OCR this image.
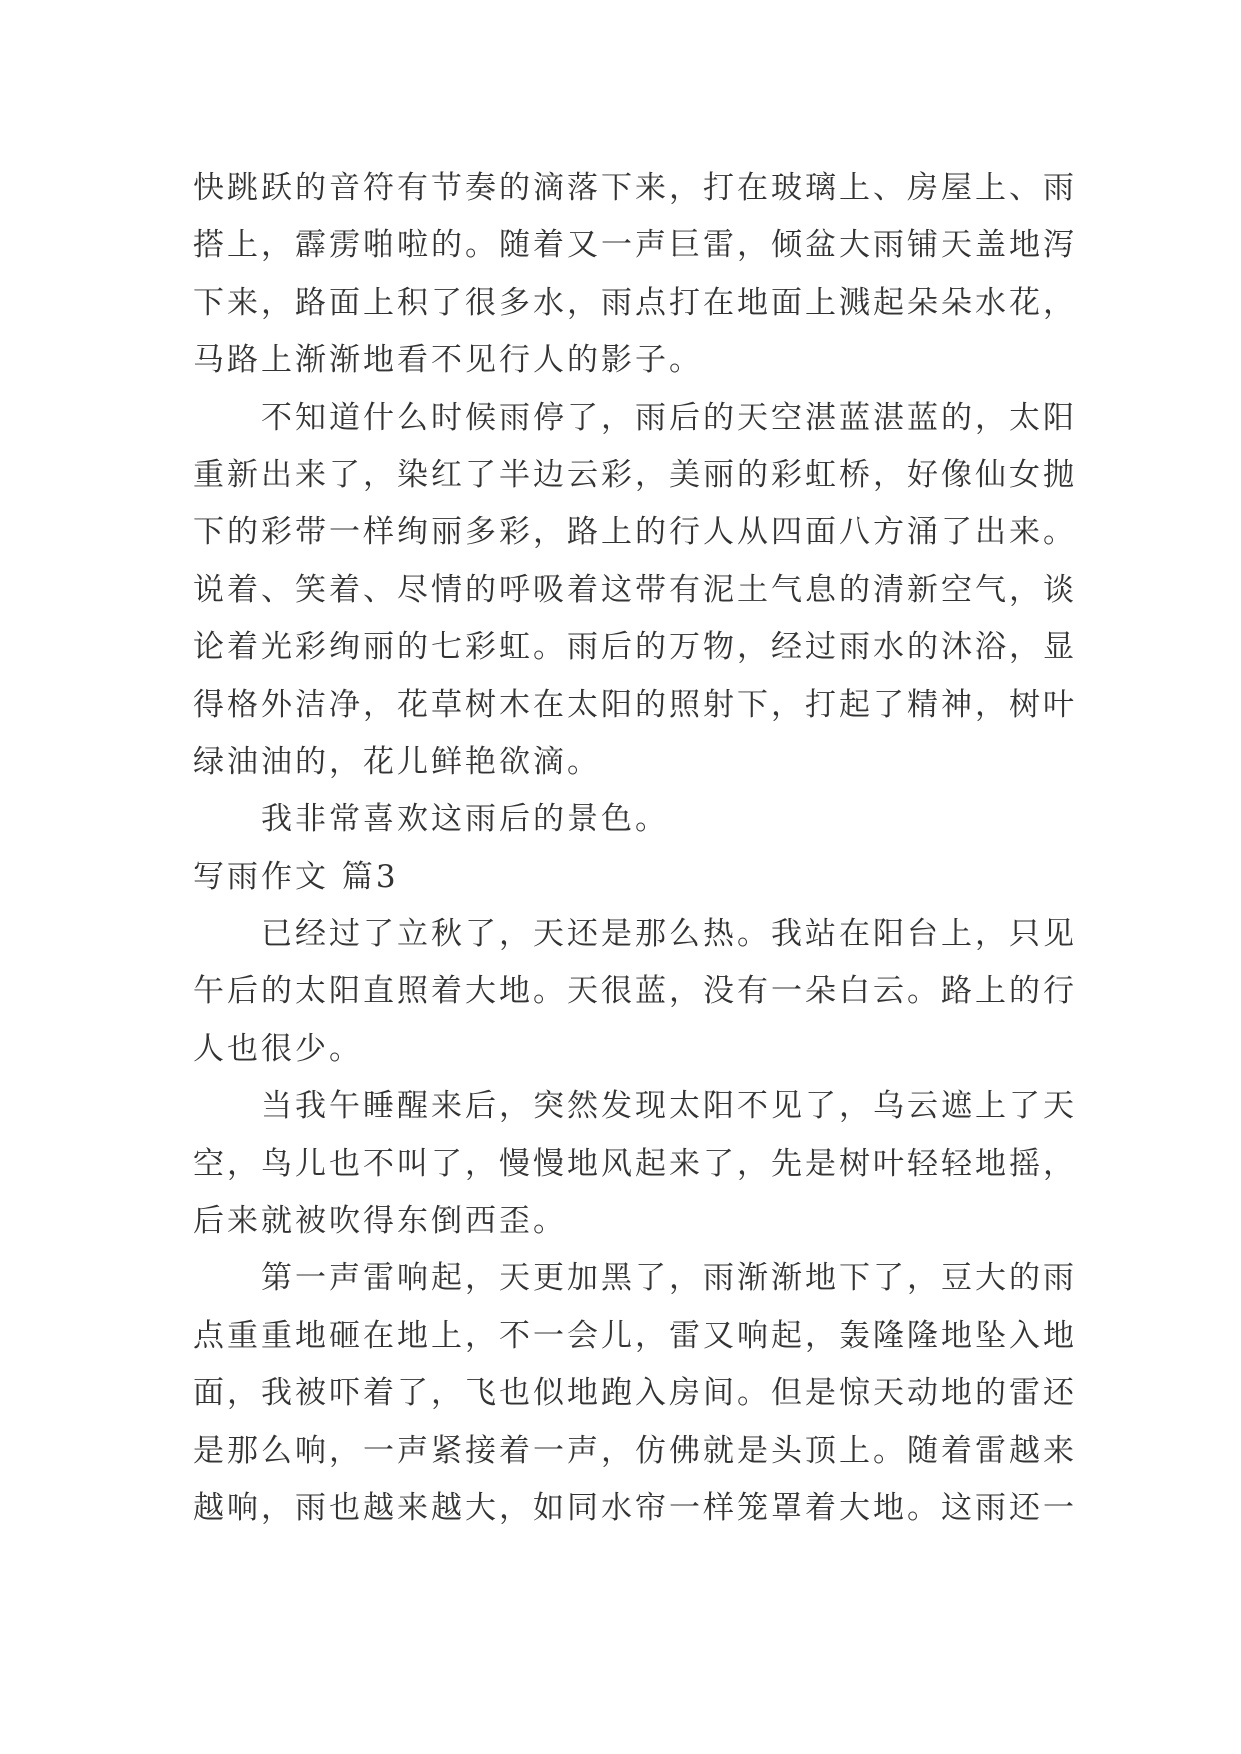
快跳跃的音符有节奏的滴落下来，打在玻璃上、房屋上、雨
搭上，霹雳啪啦的。随着又一声巨雷，倾盆大雨铺天盖地泻
下来，路面上积了很多水，雨点打在地面上溅起朵朵水花，
马路上渐渐地看不见行人的影子。
不知道什么时候雨停了，雨后的天空湛蓝湛蓝的，太阳
重新出来了，染红了半边云彩，美丽的彩虹桥，好像仙女抛
下的彩带一样绚丽多彩，路上的行人从四面八方涌了出来。
说着、笑着、尽情的呼吸着这带有泥土气息的清新空气，谈
论着光彩绚丽的七彩虹。雨后的万物，经过雨水的沐浴，显
得格外洁净，花草树木在太阳的照射下，打起了精神，树叶
绿油油的，花儿鲜艳欲滴。
我非常喜欢这雨后的景色。
写雨作文 篇3
已经过了立秋了，天还是那么热。我站在阳台上，只见
午后的太阳直照着大地。天很蓝，没有一朵白云。路上的行
人也很少。
当我午睡醒来后，突然发现太阳不见了，乌云遮上了天
空，鸟儿也不叫了，慢慢地风起来了，先是树叶轻轻地摇，
后来就被吹得东倒西歪。
第一声雷响起，天更加黑了，雨渐渐地下了，豆大的雨
点重重地砸在地上，不一会儿，雷又响起，轰隆隆地坠入地
面，我被吓着了，飞也似地跑入房间。但是惊天动地的雷还
是那么响，一声紧接着一声，仿佛就是头顶上。随着雷越来
越响，雨也越来越大，如同水帘一样笼罩着大地。这雨还一
